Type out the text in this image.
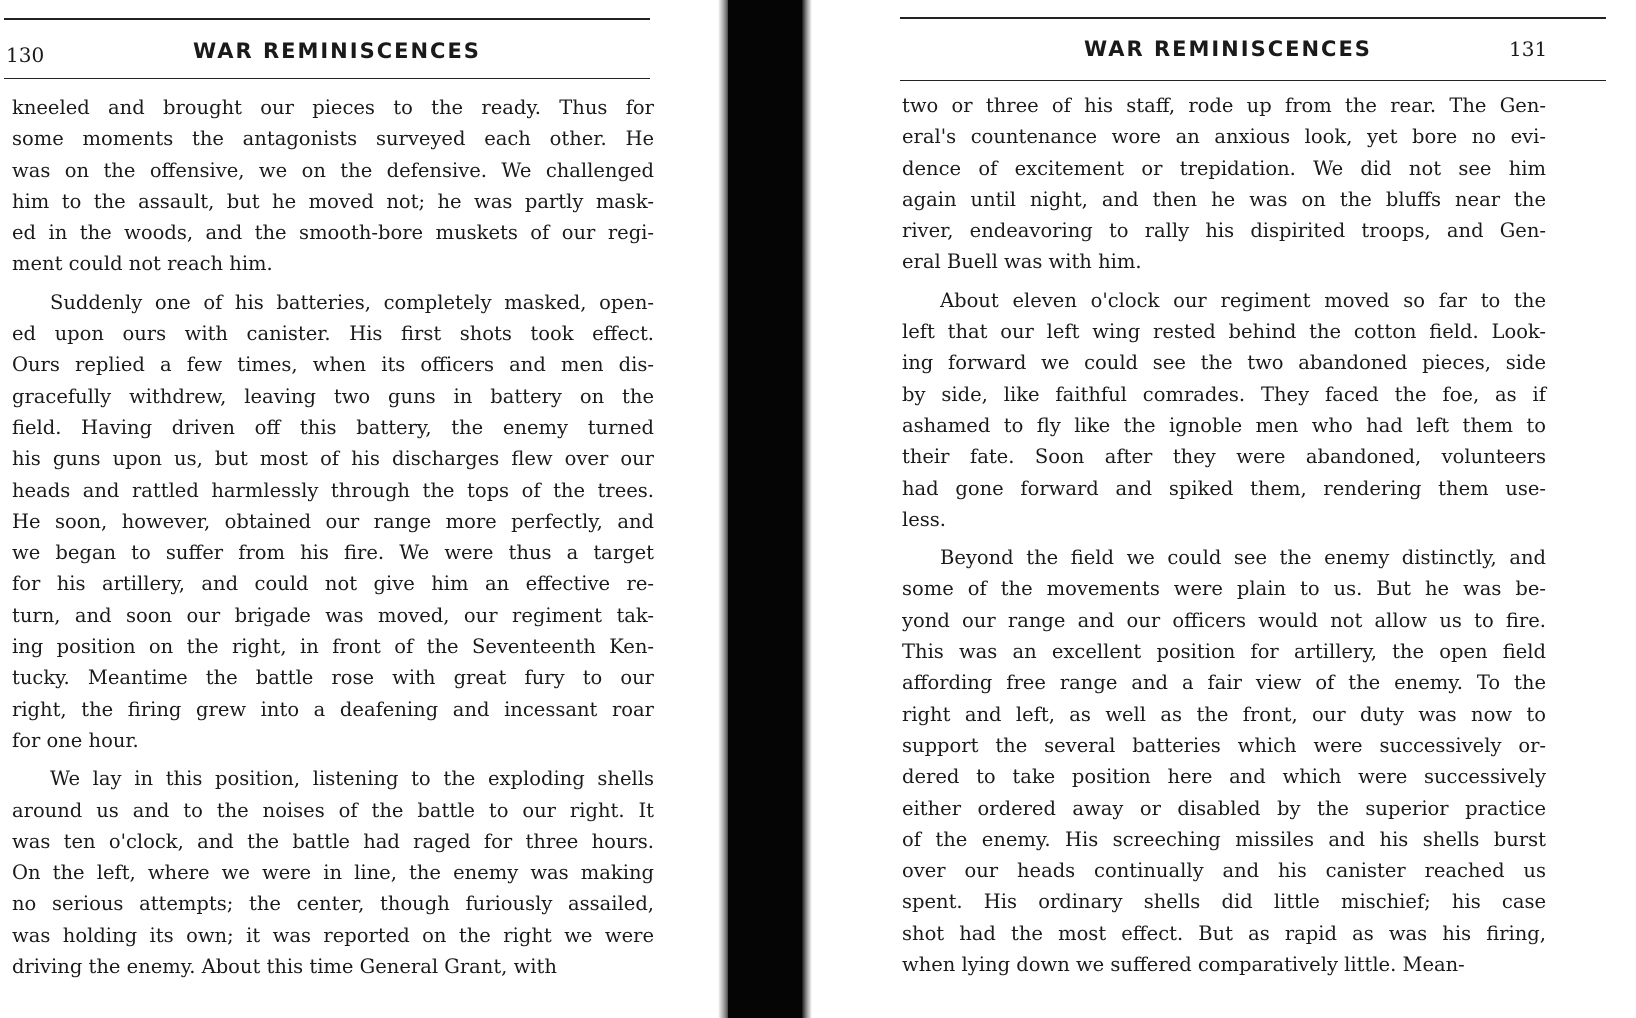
130	WAR REMINISCENCES
kneeled and brought our pieces to the ready. Thus for
some moments the antagonists surveyed each other. He
was on the offensive, we on the defensive. We challenged
him to the assault, but he moved not; he was partly mask-
ed in the woods, and the smooth-bore muskets of our regi-
ment could not reach him.
Suddenly one of his batteries, completely masked, open-
ed upon ours with canister. His first shots took effect.
Ours replied a few times, when its officers and men dis-
gracefully withdrew, leaving two guns in battery on the
field. Having driven off this battery, the enemy turned
his guns upon us, but most of his discharges flew over our
heads and rattled harmlessly through the tops of the trees.
He soon, however, obtained our range more perfectly, and
we began to suffer from his fire. We were thus a target
for his artillery, and could not give him an effective re-
turn, and soon our brigade was moved, our regiment tak-
ing position on the right, in front of the Seventeenth Ken-
tucky. Meantime the battle rose with great fury to our
right, the firing grew into a deafening and incessant roar
for one hour.
We lay in this position, listening to the exploding shells
around us and to the noises of the battle to our right. It
was ten o'clock, and the battle had raged for three hours.
On the left, where we were in line, the enemy was making
no serious attempts; the center, though furiously assailed,
was holding its own; it was reported on the right we were
driving the enemy. About this time General Grant, with
WAR REMINISCENCES	131
two or three of his staff, rode up from the rear. The Gen-
eral's countenance wore an anxious look, yet bore no evi-
dence of excitement or trepidation. We did not see him
again until night, and then he was on the bluffs near the
river, endeavoring to rally his dispirited troops, and Gen-
eral Buell was with him.
About eleven o'clock our regiment moved so far to the
left that our left wing rested behind the cotton field. Look-
ing forward we could see the two abandoned pieces, side
by side, like faithful comrades. They faced the foe, as if
ashamed to fly like the ignoble men who had left them to
their fate. Soon after they were abandoned, volunteers
had gone forward and spiked them, rendering them use-
less.
Beyond the field we could see the enemy distinctly, and
some of the movements were plain to us. But he was be-
yond our range and our officers would not allow us to fire.
This was an excellent position for artillery, the open field
affording free range and a fair view of the enemy. To the
right and left, as well as the front, our duty was now to
support the several batteries which were successively or-
dered to take position here and which were successively
either ordered away or disabled by the superior practice
of the enemy. His screeching missiles and his shells burst
over our heads continually and his canister reached us
spent. His ordinary shells did little mischief; his case
shot had the most effect. But as rapid as was his firing,
when lying down we suffered comparatively little. Mean-
